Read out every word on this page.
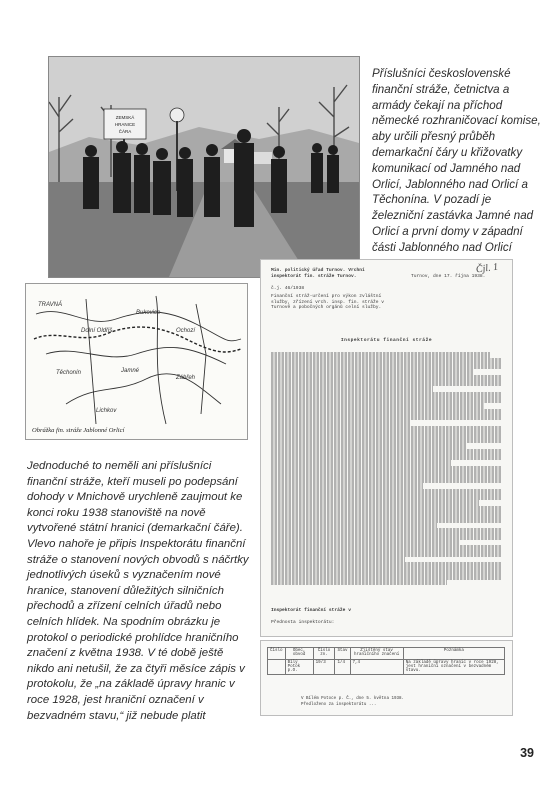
ZEMSKÁ
HRANICE
ČÁRA

Příslušníci československé finanční stráže, četnictva a armády čekají na příchod německé rozhraničovací komise, aby určili přesný průběh demarkační čáry u křižovatky komunikací od Jamného nad Orlicí, Jablonného nad Orlicí a Těchonína. V pozadí je železniční zastávka Jamné nad Orlicí a první domy v západní části Jablonného nad Orlicí

TRAVNÁ
Dolní Oldřiš
Bukovice
Ochozí
Těchonín	Jamné
Zábřeh
Lichkov
Obrážka fin. stráže Jablonné Orlicí

Jednoduché to neměli ani příslušníci finanční stráže, kteří museli po podepsání dohody v Mnichově urychleně zaujmout ke konci roku 1938 stanoviště na nově vytvořené státní hranici (demarkační čáře). Vlevo nahoře je připis Inspektorátu finanční stráže o stanovení nových obvodů s náčrtky jednotlivých úseků s vyznačením nové hranice, stanovení důležitých silničních přechodů a zřízení celních úřadů nebo celních hlídek. Na spodním obrázku je protokol o periodické prohlídce hraničního značení z května 1938. V té době ještě nikdo ani netušil, že za čtyři měsíce zápis v protokolu, že „na základě úpravy hranic v roce 1928, jest hraniční označení v bezvadném stavu,“ již nebude platit

Čjl. 1
Min. politický úřad Turnov. Vrchní inspektorát fin. stráže Turnov.	Turnov, dne 17. října 1938.
č.j. 46/1938
Finanční stráž-určení pro výkon zvláštní služby, zřízení vrch. insp. fin. stráže v Turnově a pobočných orgánů celní služby.
Inspektorátu finanční stráže
Inspektorát finanční stráže v
Přednosta inspektorátu:
Číslo	Obec, obvod	Číslo zn.	Stav	Zjištěný stav hraničního značení	Poznámka
	Bílý Potok p.O.	19/3	1/4	7,4	Na základě úpravy hranic v roce 1928, jest hraniční označení v bezvadném stavu.
V Bílém Potoce p. Č., dne 5. května 1938.
Předloženo za inspektorátu ...
39
